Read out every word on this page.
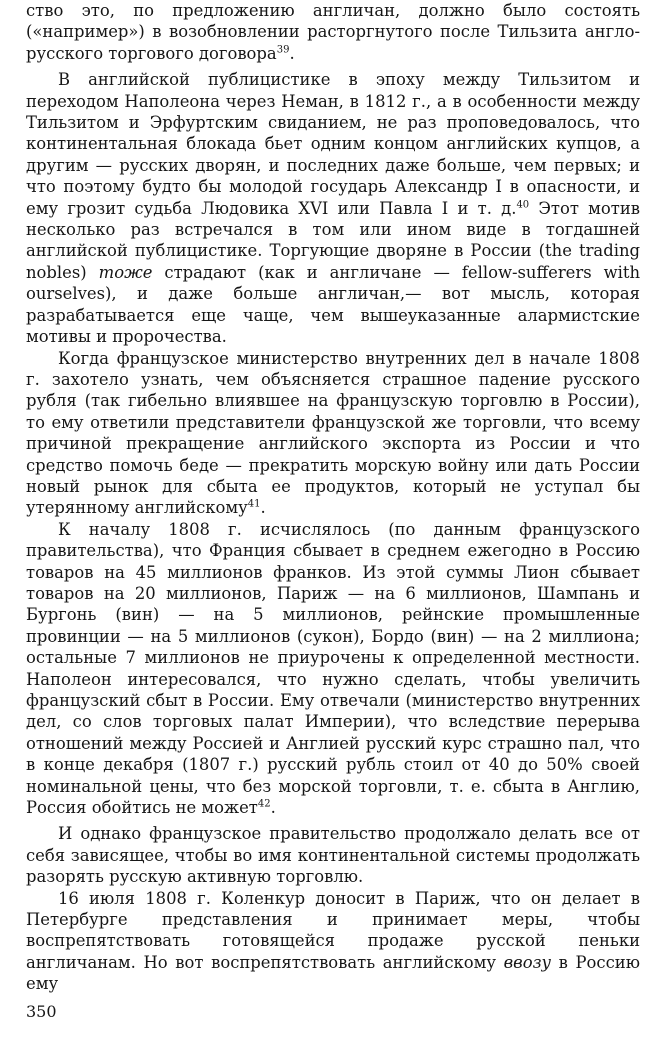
ство это, по предложению англичан, должно было состоять («например») в возобновлении расторгнутого после Тильзита англо-русского торгового договора$^{39}$.

В английской публицистике в эпоху между Тильзитом и переходом Наполеона через Неман, в 1812 г., а в особенности между Тильзитом и Эрфуртским свиданием, не раз проповедовалось, что континентальная блокада бьет одним концом английских купцов, а другим — русских дворян, и последних даже больше, чем первых; и что поэтому будто бы молодой государь Александр I в опасности, и ему грозит судьба Людовика XVI или Павла I и т. д.$^{40}$ Этот мотив несколько раз встречался в том или ином виде в тогдашней английской публицистике. Торгующие дворяне в России (the trading nobles) тоже страдают (как и англичане — fellow-sufferers with ourselves), и даже больше англичан,— вот мысль, которая разрабатывается еще чаще, чем вышеуказанные алармистские мотивы и пророчества.

Когда французское министерство внутренних дел в начале 1808 г. захотело узнать, чем объясняется страшное падение русского рубля (так гибельно влиявшее на французскую торговлю в России), то ему ответили представители французской же торговли, что всему причиной прекращение английского экспорта из России и что средство помочь беде — прекратить морскую войну или дать России новый рынок для сбыта ее продуктов, который не уступал бы утерянному английскому$^{41}$.

К началу 1808 г. исчислялось (по данным французского правительства), что Франция сбывает в среднем ежегодно в Россию товаров на 45 миллионов франков. Из этой суммы Лион сбывает товаров на 20 миллионов, Париж — на 6 миллионов, Шампань и Бургонь (вин) — на 5 миллионов, рейнские промышленные провинции — на 5 миллионов (сукон), Бордо (вин) — на 2 миллиона; остальные 7 миллионов не приурочены к определенной местности. Наполеон интересовался, что нужно сделать, чтобы увеличить французский сбыт в России. Ему отвечали (министерство внутренних дел, со слов торговых палат Империи), что вследствие перерыва отношений между Россией и Англией русский курс страшно пал, что в конце декабря (1807 г.) русский рубль стоил от 40 до 50% своей номинальной цены, что без морской торговли, т. е. сбыта в Англию, Россия обойтись не может$^{42}$.

И однако французское правительство продолжало делать все от себя зависящее, чтобы во имя континентальной системы продолжать разорять русскую активную торговлю.

16 июля 1808 г. Коленкур доносит в Париж, что он делает в Петербурге представления и принимает меры, чтобы воспрепятствовать готовящейся продаже русской пеньки англичанам. Но вот воспрепятствовать английскому ввозу в Россию ему

350
